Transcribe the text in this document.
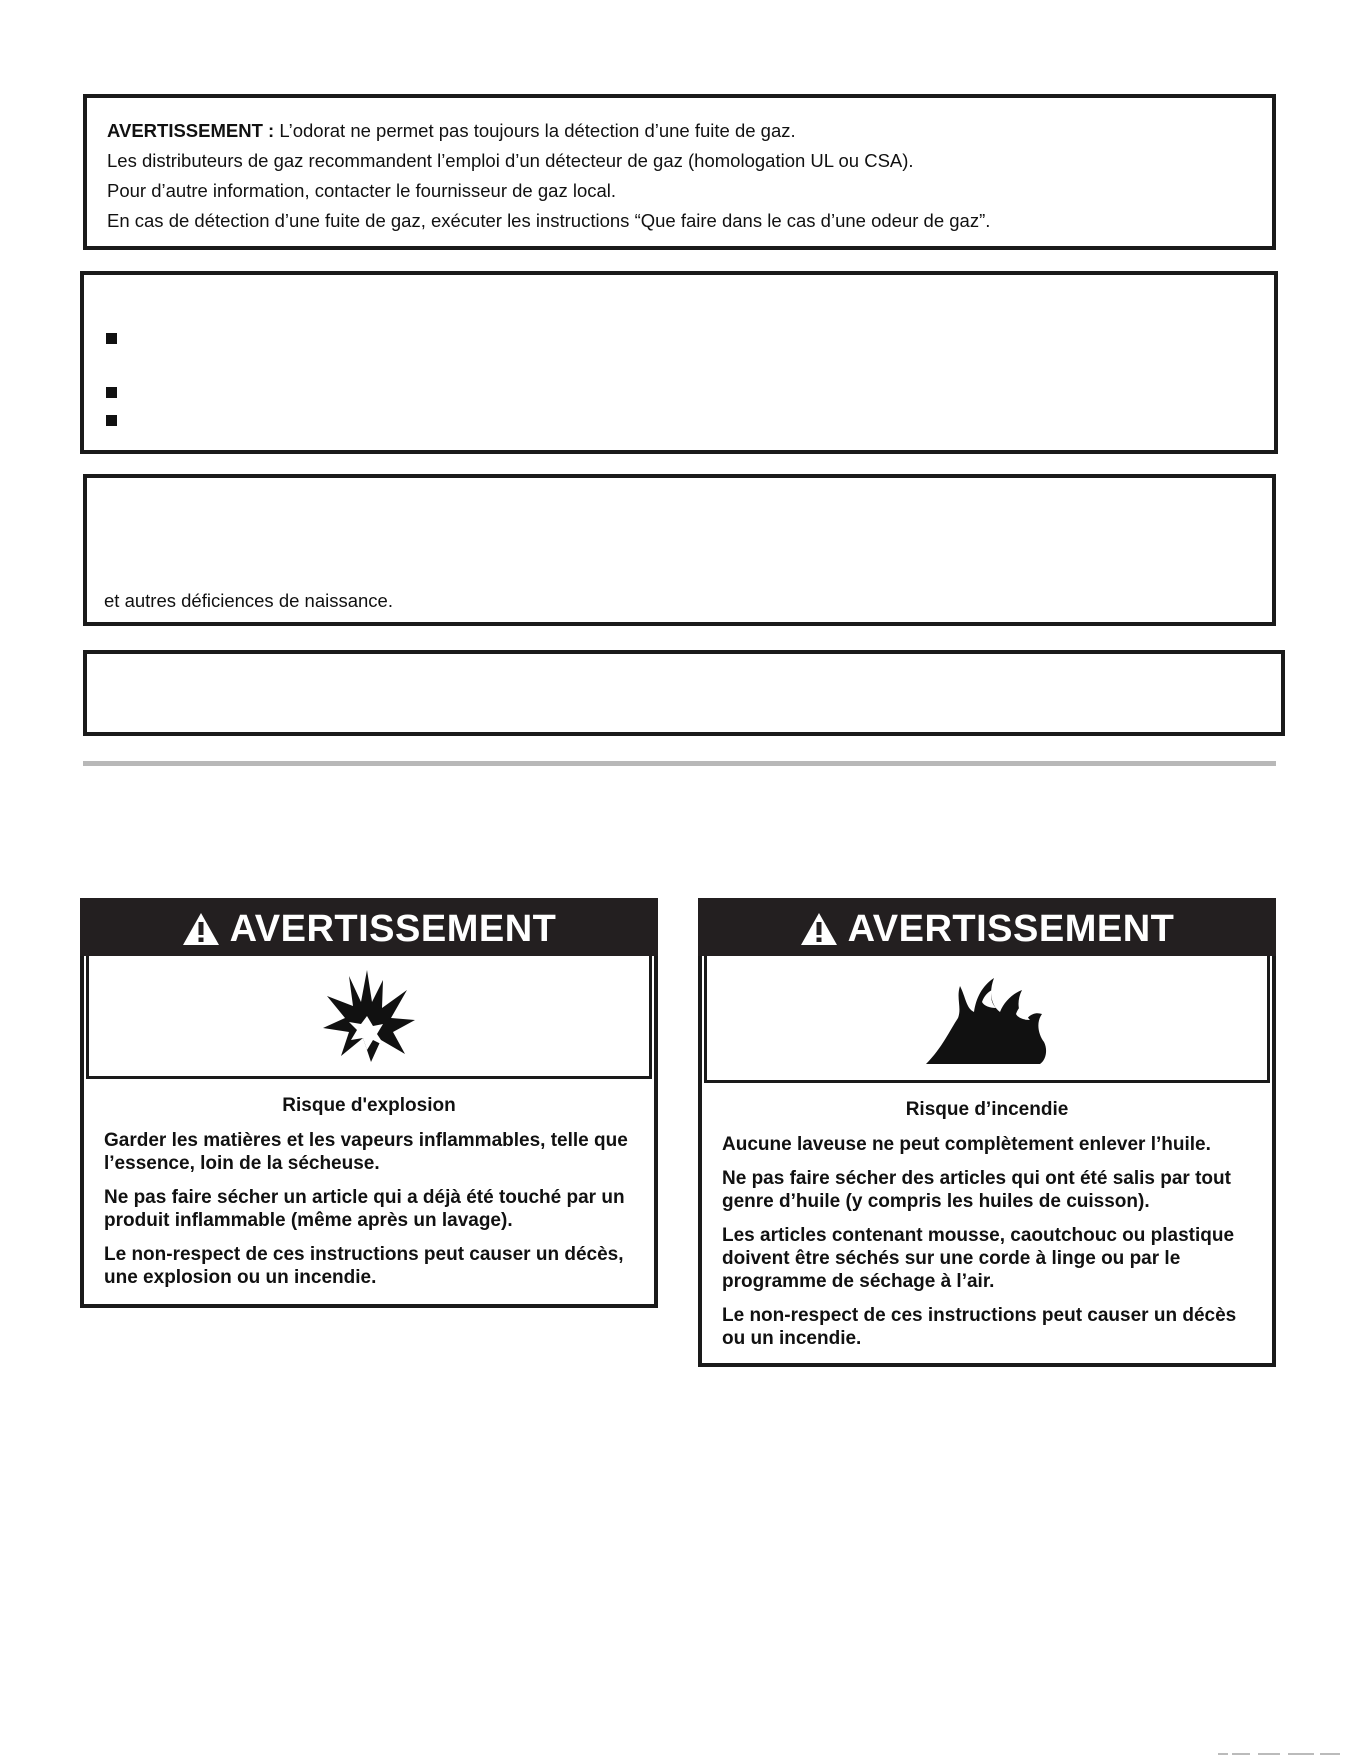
AVERTISSEMENT : L’odorat ne permet pas toujours la détection d’une fuite de gaz.

Les distributeurs de gaz recommandent l’emploi d’un détecteur de gaz (homologation UL ou CSA).

Pour d’autre information, contacter le fournisseur de gaz local.

En cas de détection d’une fuite de gaz, exécuter les instructions “Que faire dans le cas d’une odeur de gaz”.

et autres déficiences de naissance.
AVERTISSEMENT
Risque d'explosion

Garder les matières et les vapeurs inflammables, telle que l’essence, loin de la sécheuse.

Ne pas faire sécher un article qui a déjà été touché par un produit inflammable (même après un lavage).

Le non-respect de ces instructions peut causer un décès, une explosion ou un incendie.

AVERTISSEMENT
Risque d’incendie

Aucune laveuse ne peut complètement enlever l’huile.

Ne pas faire sécher des articles qui ont été salis par tout genre d’huile (y compris les huiles de cuisson).

Les articles contenant mousse, caoutchouc ou plastique doivent être séchés sur une corde à linge ou par le programme de séchage à l’air.

Le non-respect de ces instructions peut causer un décès ou un incendie.
